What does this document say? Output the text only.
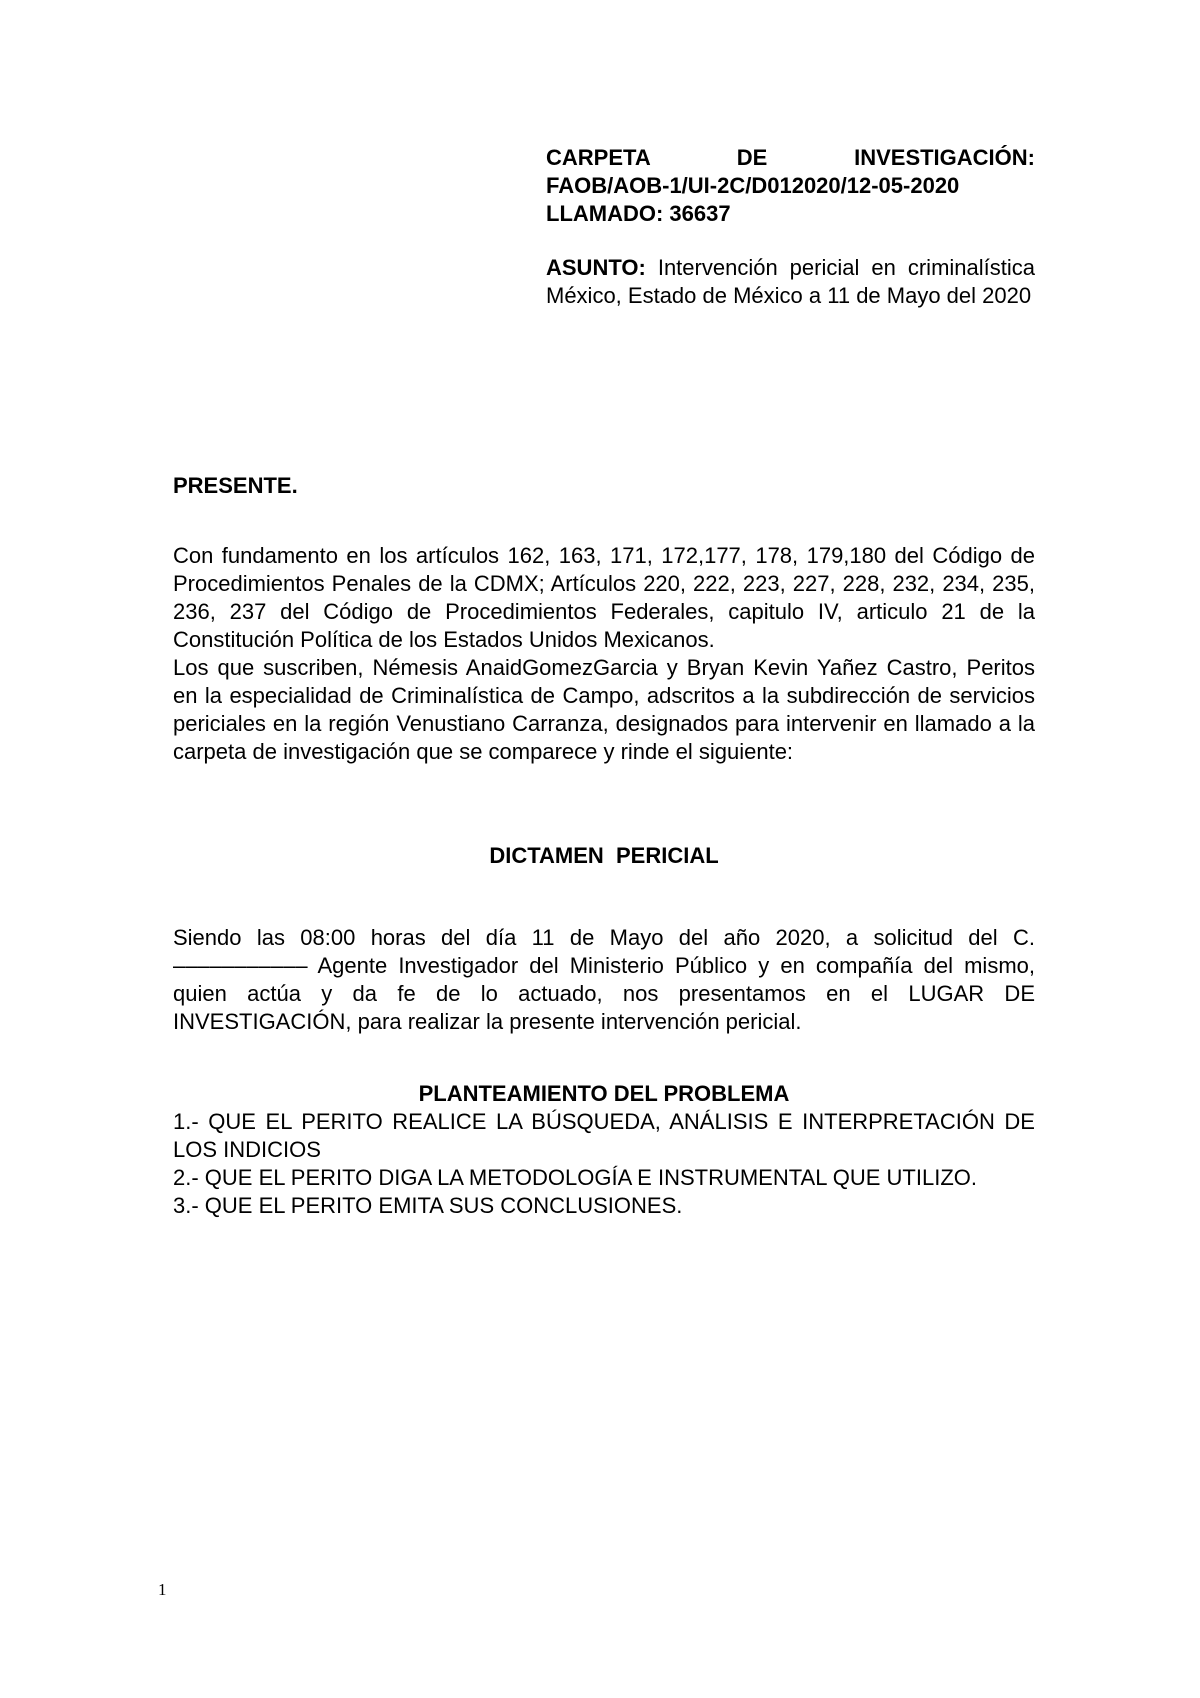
CARPETA DE INVESTIGACIÓN:
FAOB/AOB-1/UI-2C/D012020/12-05-2020
LLAMADO: 36637
ASUNTO: Intervención pericial en criminalística México, Estado de México a 11 de Mayo del 2020
PRESENTE.

Con fundamento en los artículos 162, 163, 171, 172,177, 178, 179,180 del Código de Procedimientos Penales de la CDMX; Artículos 220, 222, 223, 227, 228, 232, 234, 235, 236, 237 del Código de Procedimientos Federales, capitulo IV, articulo 21 de la Constitución Política de los Estados Unidos Mexicanos.

Los que suscriben, Némesis AnaidGomezGarcia y Bryan Kevin Yañez Castro, Peritos en la especialidad de Criminalística de Campo, adscritos a la subdirección de servicios periciales en la región Venustiano Carranza, designados para intervenir en llamado a la carpeta de investigación que se comparece y rinde el siguiente:

DICTAMEN  PERICIAL

Siendo las 08:00 horas del día 11 de Mayo del año 2020, a solicitud del C. ––––––––––– Agente Investigador del Ministerio Público y en compañía del mismo, quien actúa y da fe de lo actuado, nos presentamos en el LUGAR DE INVESTIGACIÓN, para realizar la presente intervención pericial.

PLANTEAMIENTO DEL PROBLEMA

1.- QUE EL PERITO REALICE LA BÚSQUEDA, ANÁLISIS E INTERPRETACIÓN DE LOS INDICIOS

2.- QUE EL PERITO DIGA LA METODOLOGÍA E INSTRUMENTAL QUE UTILIZO.

3.- QUE EL PERITO EMITA SUS CONCLUSIONES.

1
